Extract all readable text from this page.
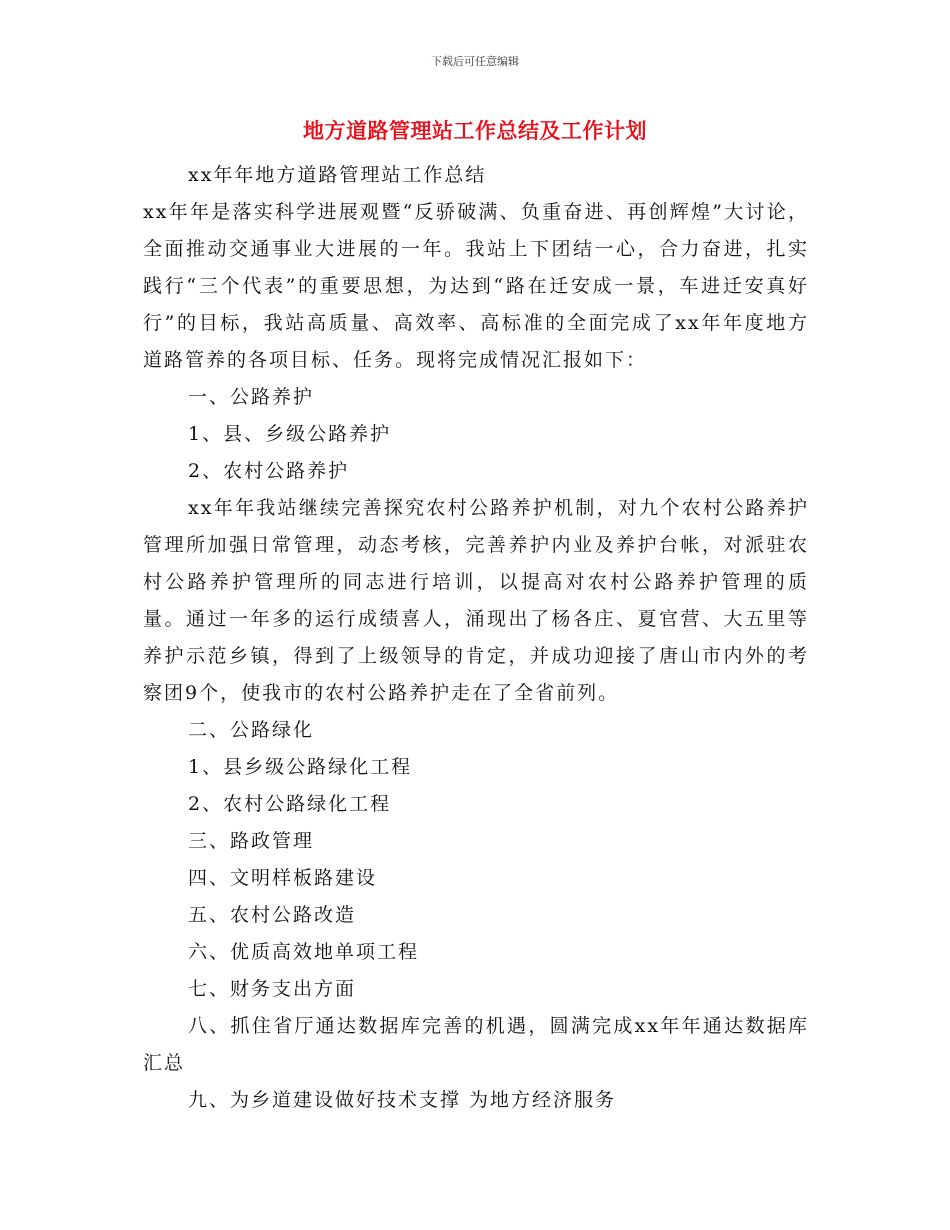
下载后可任意编辑
地方道路管理站工作总结及工作计划

xx年年地方道路管理站工作总结

xx年年是落实科学进展观暨“反骄破满、负重奋进、再创辉煌”大讨论，全面推动交通事业大进展的一年。我站上下团结一心，合力奋进，扎实践行“三个代表”的重要思想，为达到“路在迁安成一景，车进迁安真好行”的目标，我站高质量、高效率、高标准的全面完成了xx年年度地方道路管养的各项目标、任务。现将完成情况汇报如下：

一、公路养护

1、县、乡级公路养护

2、农村公路养护

xx年年我站继续完善探究农村公路养护机制，对九个农村公路养护管理所加强日常管理，动态考核，完善养护内业及养护台帐，对派驻农村公路养护管理所的同志进行培训，以提高对农村公路养护管理的质量。通过一年多的运行成绩喜人，涌现出了杨各庄、夏官营、大五里等养护示范乡镇，得到了上级领导的肯定，并成功迎接了唐山市内外的考察团9个，使我市的农村公路养护走在了全省前列。

二、公路绿化

1、县乡级公路绿化工程

2、农村公路绿化工程

三、路政管理

四、文明样板路建设

五、农村公路改造

六、优质高效地单项工程

七、财务支出方面

八、抓住省厅通达数据库完善的机遇，圆满完成xx年年通达数据库汇总

九、为乡道建设做好技术支撑 为地方经济服务
